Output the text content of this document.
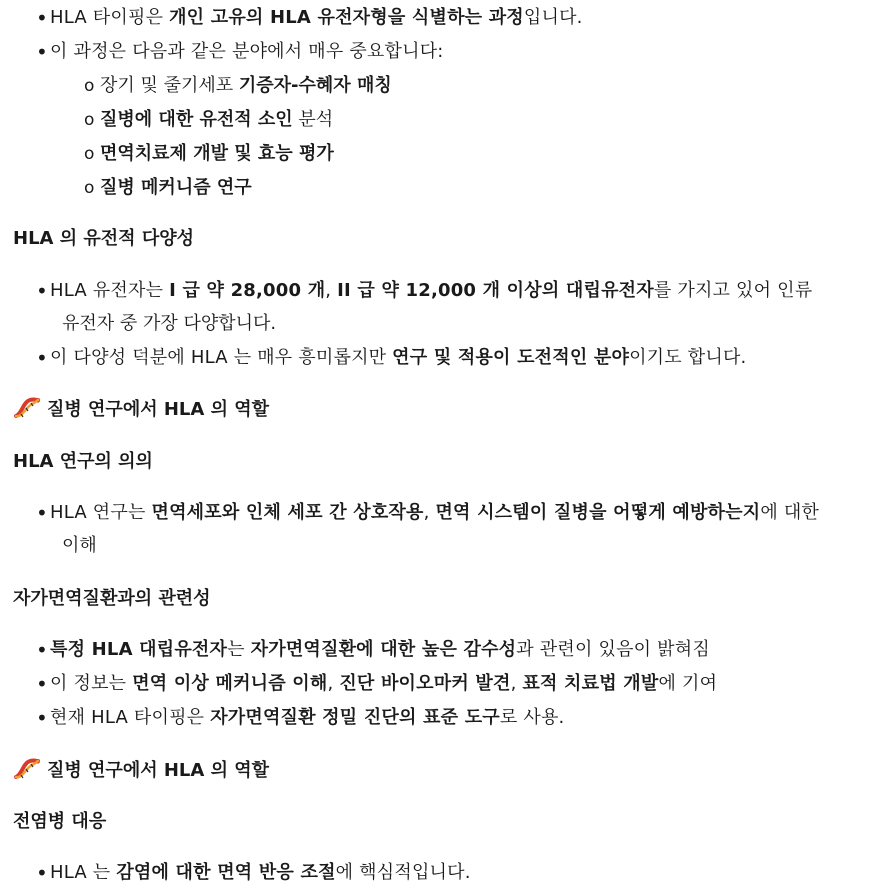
• HLA 타이핑은 개인 고유의 HLA 유전자형을 식별하는 과정입니다.
• 이 과정은 다음과 같은 분야에서 매우 중요합니다:
o 장기 및 줄기세포 기증자-수혜자 매칭
o 질병에 대한 유전적 소인 분석
o 면역치료제 개발 및 효능 평가
o 질병 메커니즘 연구
HLA 의 유전적 다양성
• HLA 유전자는 I 급 약 28,000 개, II 급 약 12,000 개 이상의 대립유전자를 가지고 있어 인류
유전자 중 가장 다양합니다.
• 이 다양성 덕분에 HLA 는 매우 흥미롭지만 연구 및 적용이 도전적인 분야이기도 합니다.
질병 연구에서 HLA 의 역할
HLA 연구의 의의
• HLA 연구는 면역세포와 인체 세포 간 상호작용, 면역 시스템이 질병을 어떻게 예방하는지에 대한
이해
자가면역질환과의 관련성
• 특정 HLA 대립유전자는 자가면역질환에 대한 높은 감수성과 관련이 있음이 밝혀짐
• 이 정보는 면역 이상 메커니즘 이해, 진단 바이오마커 발견, 표적 치료법 개발에 기여
• 현재 HLA 타이핑은 자가면역질환 정밀 진단의 표준 도구로 사용.
질병 연구에서 HLA 의 역할
전염병 대응
• HLA 는 감염에 대한 면역 반응 조절에 핵심적입니다.
